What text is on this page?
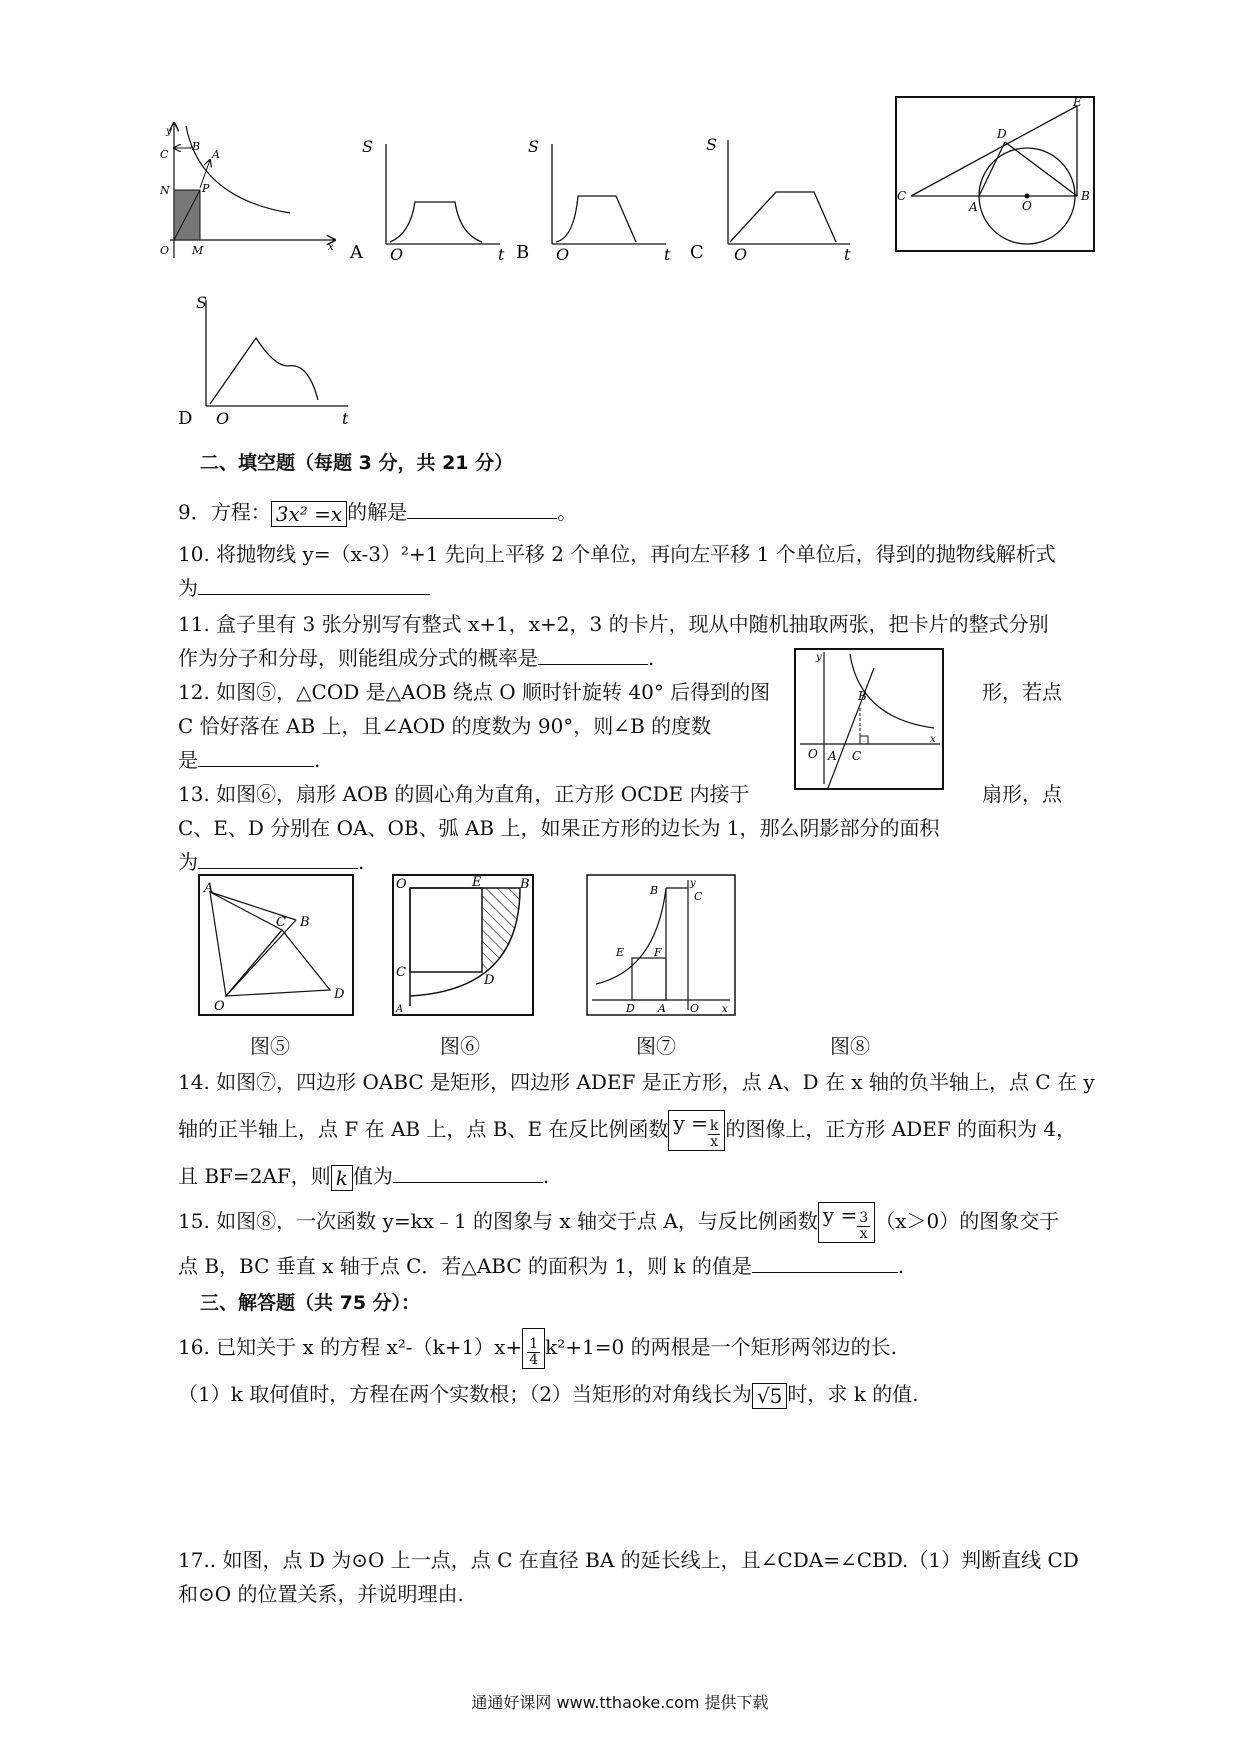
y
x
C
B
A
N	P
O M	A
S
O	t B
S
O	t C
S
O	t
E
D
C
A	O
B
D
S
O	t
二、填空题（每题 3 分，共 21 分）
9．方程： 3x² =x 的解是	。
10. 将抛物线 y=（x-3）²+1 先向上平移 2 个单位，再向左平移 1 个单位后，得到的抛物线解析式
为
11. 盒子里有 3 张分别写有整式 x+1，x+2，3 的卡片，现从中随机抽取两张，把卡片的整式分别
作为分子和分母，则能组成分式的概率是	.
12. 如图⑤，△COD 是△AOB 绕点 O 顺时针旋转 40° 后得到的图	形，若点
C 恰好落在 AB 上，且∠AOD 的度数为 90°，则∠B 的度数
是	.
y
B
O A C
x
13. 如图⑥，扇形 AOB 的圆心角为直角，正方形 OCDE 内接于	扇形，点
C、E、D 分别在 OA、OB、弧 AB 上，如果正方形的边长为 1，那么阴影部分的面积
为	.
A
C B
O
D
O	E	B
C
D
A
y
B	C
E	F
D A O x
图⑤	图⑥	图⑦	图⑧
14. 如图⑦，四边形 OABC 是矩形，四边形 ADEF 是正方形，点 A、D 在 x 轴的负半轴上，点 C 在 y
轴的正半轴上，点 F 在 AB 上，点 B、E 在反比例函数 $y = \frac{k}{x}$ 的图像上，正方形 ADEF 的面积为 4，
且 BF=2AF，则 k 值为	.
15. 如图⑧，一次函数 y=kx﹣1 的图象与 x 轴交于点 A，与反比例函数 $y = \frac{3}{x} (x>0)$的图象交于
点 B，BC 垂直 x 轴于点 C．若△ABC 的面积为 1，则 k 的值是	.
三、解答题（共 75 分）：
16. 已知关于 x 的方程 $x^2-(k+1)x+ \frac{1}{4} k^2+1=0$ 的两根是一个矩形两邻边的长.
（1）k 取何值时，方程在两个实数根；（2）当矩形的对角线长为 √5 时，求 k 的值.
17.. 如图，点 D 为⊙O 上一点，点 C 在直径 BA 的延长线上，且∠CDA=∠CBD.（1）判断直线 CD
和⊙O 的位置关系，并说明理由.
通通好课网 www.tthaoke.com 提供下载
